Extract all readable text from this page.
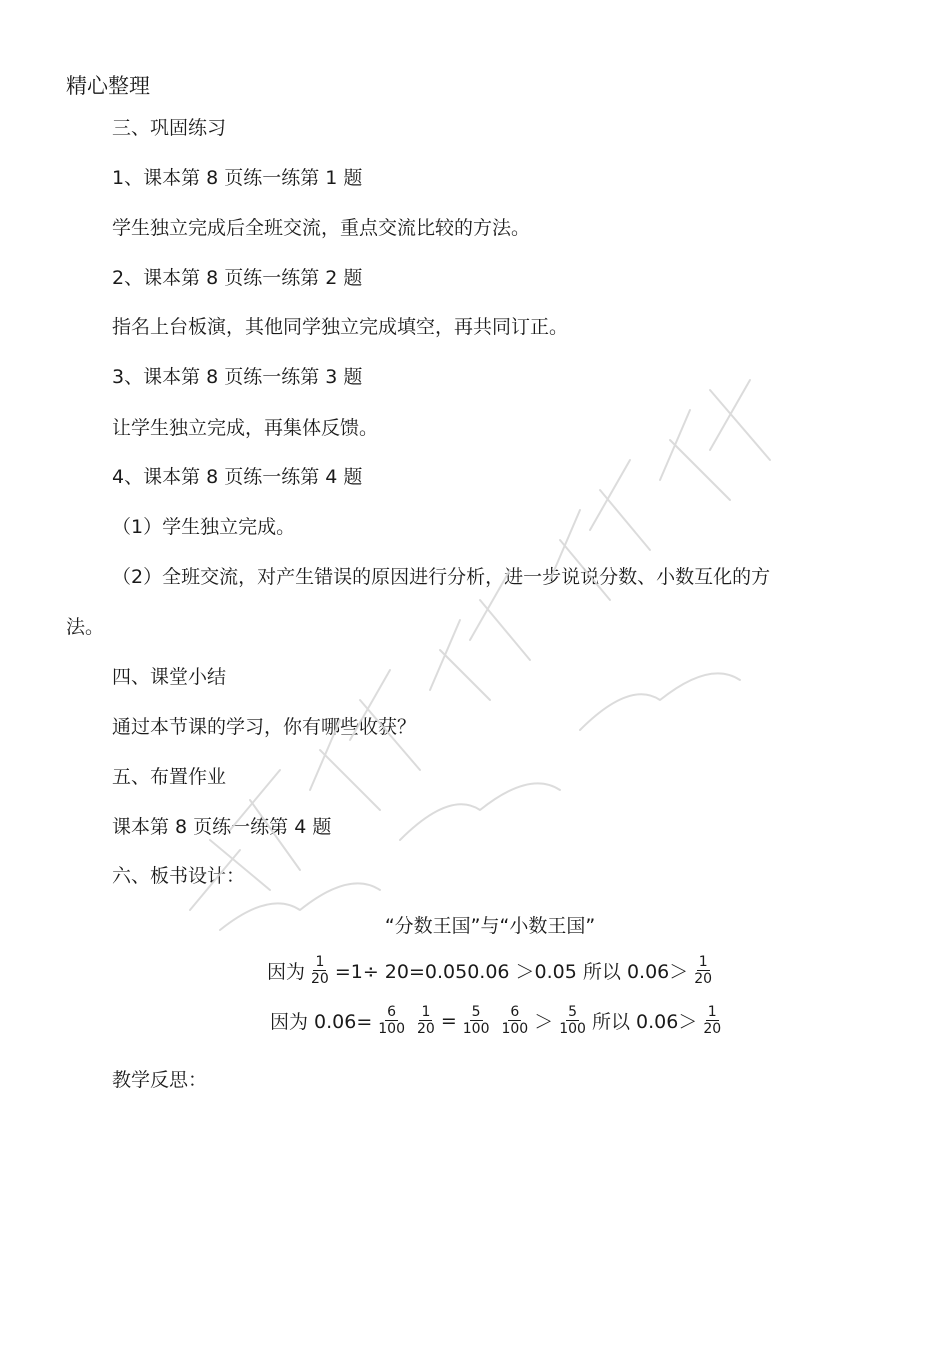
精心整理
三、巩固练习
1、课本第 8 页练一练第 1 题
学生独立完成后全班交流，重点交流比较的方法。
2、课本第 8 页练一练第 2 题
指名上台板演，其他同学独立完成填空，再共同订正。
3、课本第 8 页练一练第 3 题
让学生独立完成，再集体反馈。
4、课本第 8 页练一练第 4 题
（1）学生独立完成。
（2）全班交流，对产生错误的原因进行分析，进一步说说分数、小数互化的方
法。
四、课堂小结
通过本节课的学习，你有哪些收获？
五、布置作业
课本第 8 页练一练第 4 题
六、板书设计：
“分数王国”与“小数王国”
因为 $\frac{1}{20} =1\div 20=0.050.06 >0.05$ 所以 $0.06> \frac{1}{20}$
因为 $0.06= \frac{6}{100} \frac{1}{20} = \frac{5}{100} \frac{6}{100} > \frac{5}{100}$ 所以 $0.06> \frac{1}{20}$
教学反思：
